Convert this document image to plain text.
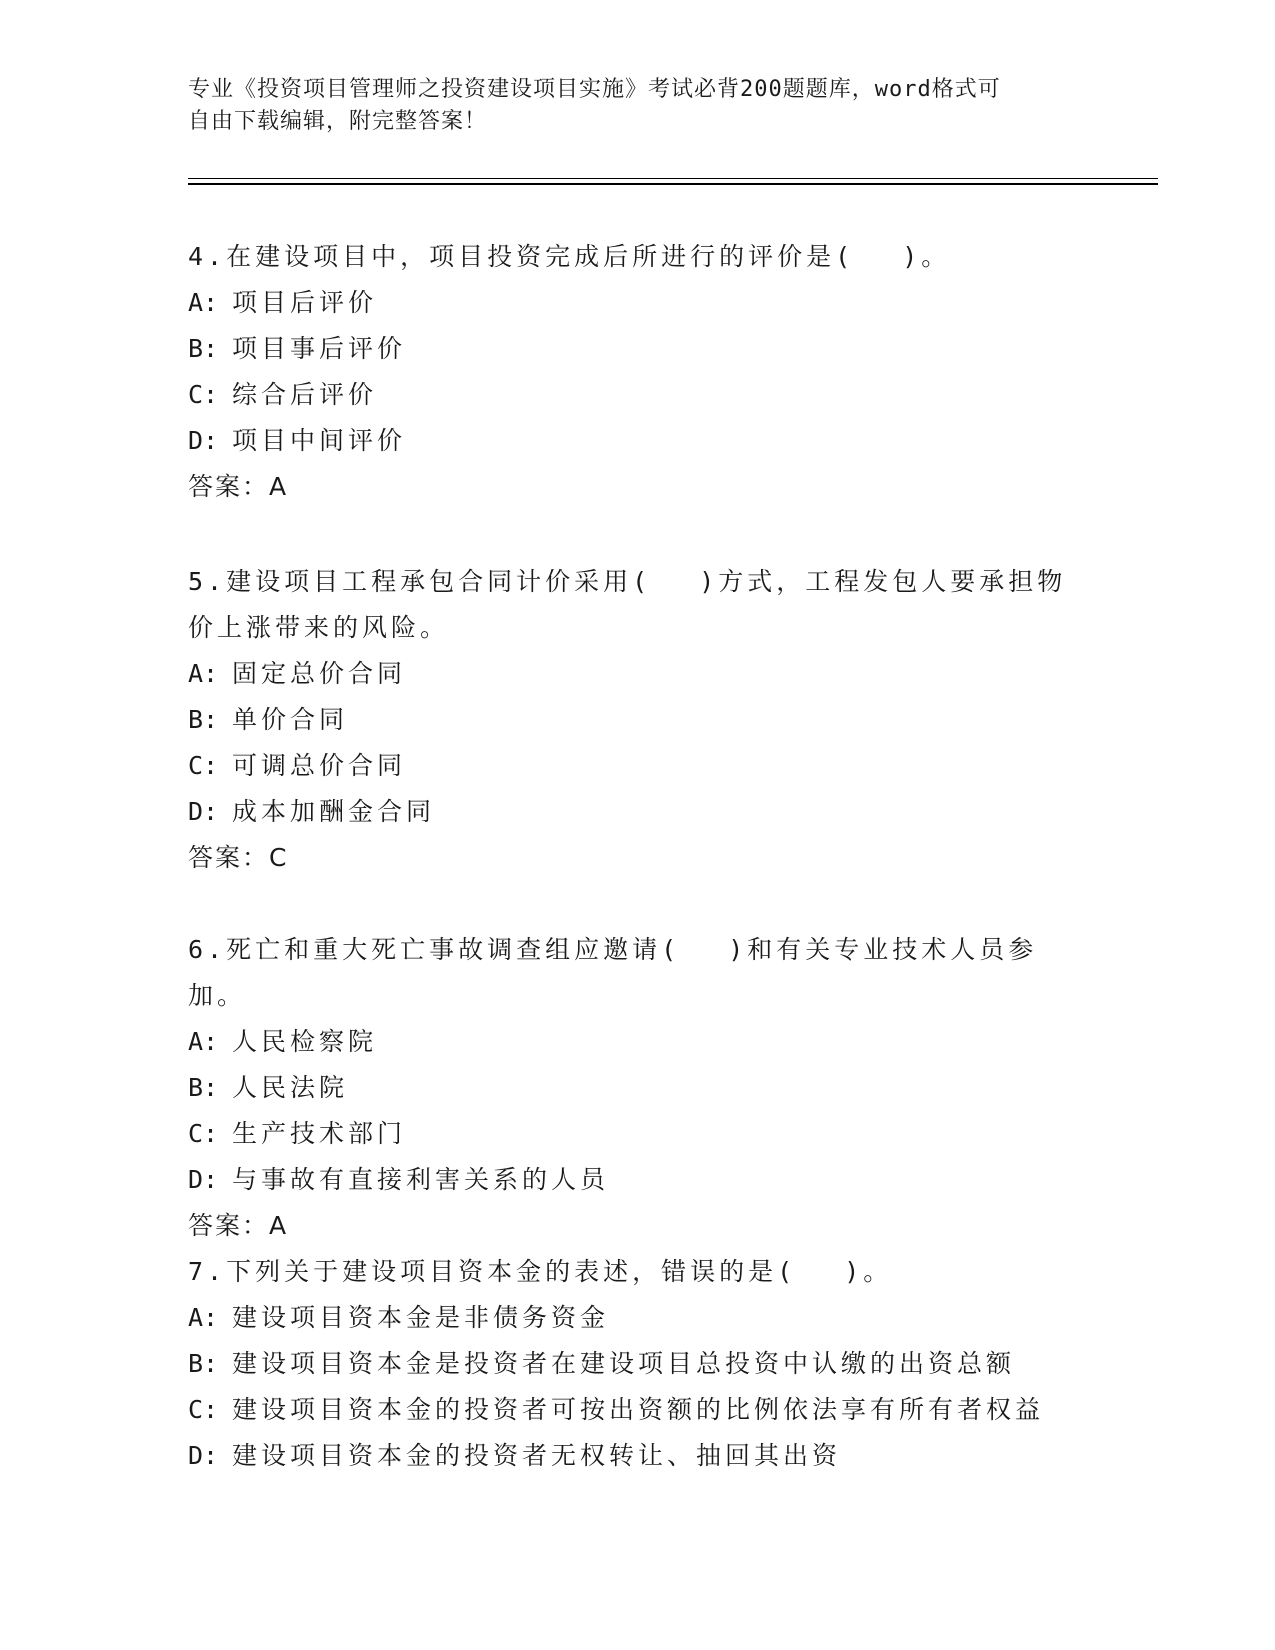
专业《投资项目管理师之投资建设项目实施》考试必背200题题库，word格式可
自由下载编辑，附完整答案！
4.在建设项目中，项目投资完成后所进行的评价是(　 )。
A: 项目后评价
B: 项目事后评价
C: 综合后评价
D: 项目中间评价
答案：A
5.建设项目工程承包合同计价采用(　 )方式，工程发包人要承担物价上涨带来的风险。
A: 固定总价合同
B: 单价合同
C: 可调总价合同
D: 成本加酬金合同
答案：C
6.死亡和重大死亡事故调查组应邀请(　 )和有关专业技术人员参加。
A: 人民检察院
B: 人民法院
C: 生产技术部门
D: 与事故有直接利害关系的人员
答案：A
7.下列关于建设项目资本金的表述，错误的是(　 )。
A: 建设项目资本金是非债务资金
B: 建设项目资本金是投资者在建设项目总投资中认缴的出资总额
C: 建设项目资本金的投资者可按出资额的比例依法享有所有者权益
D: 建设项目资本金的投资者无权转让、抽回其出资
